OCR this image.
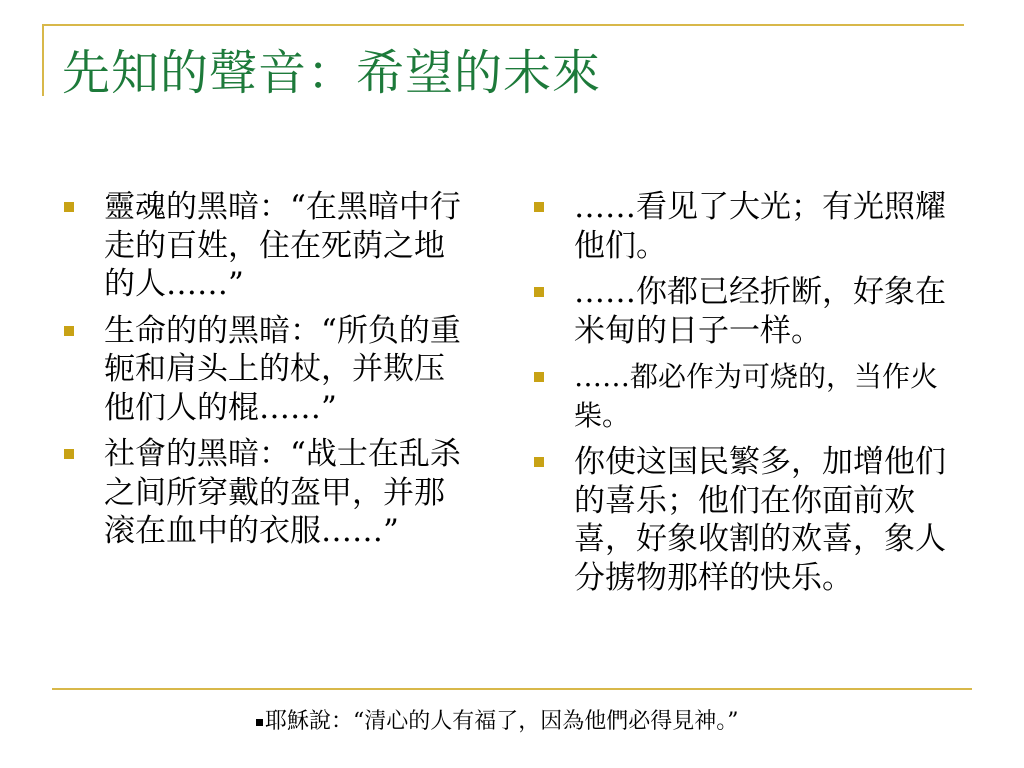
先知的聲音：希望的未來
靈魂的黑暗：“在黑暗中行走的百姓，住在死荫之地的人……”
生命的的黑暗：“所负的重轭和肩头上的杖，并欺压他们人的棍……”
社會的黑暗：“战士在乱杀之间所穿戴的盔甲，并那滚在血中的衣服……”
……看见了大光；有光照耀他们。
……你都已经折断，好象在米甸的日子一样。
……都必作为可烧的，当作火柴。
你使这国民繁多，加增他们的喜乐；他们在你面前欢喜，好象收割的欢喜，象人分掳物那样的快乐。

耶穌說：“清心的人有福了，因為他們必得見神。”
